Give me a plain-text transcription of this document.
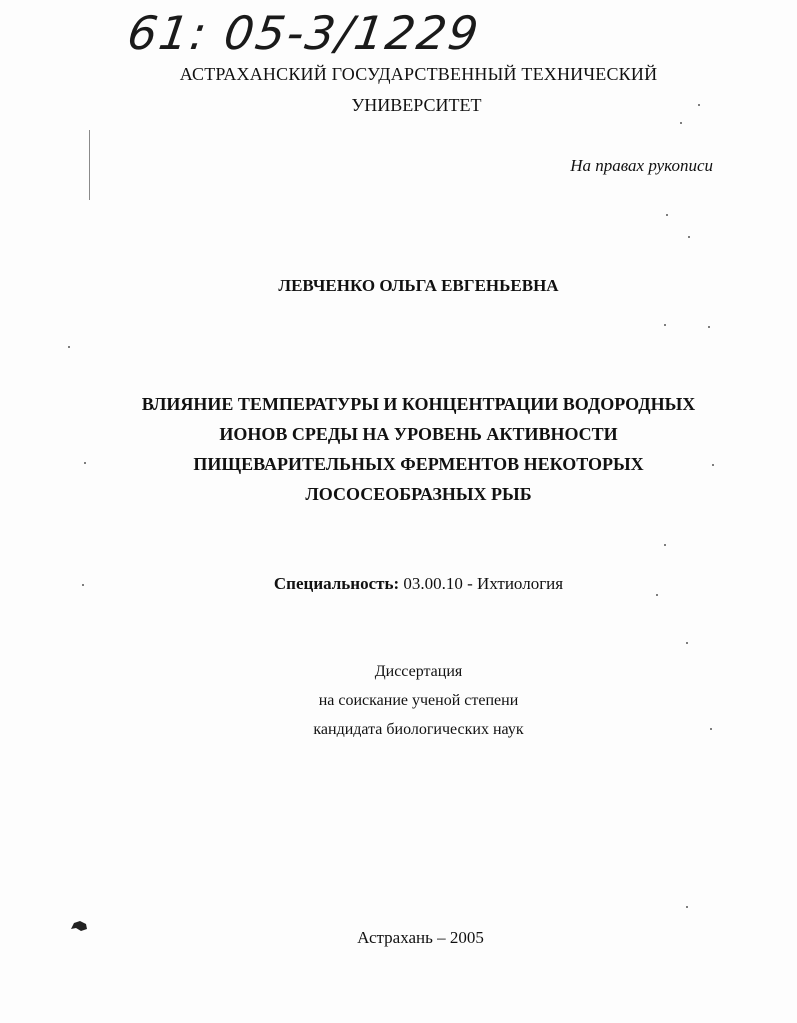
61: 05-3/1229
АСТРАХАНСКИЙ ГОСУДАРСТВЕННЫЙ ТЕХНИЧЕСКИЙ
УНИВЕРСИТЕТ
На правах рукописи
ЛЕВЧЕНКО ОЛЬГА ЕВГЕНЬЕВНА
ВЛИЯНИЕ ТЕМПЕРАТУРЫ И КОНЦЕНТРАЦИИ ВОДОРОДНЫХ
ИОНОВ СРЕДЫ НА УРОВЕНЬ АКТИВНОСТИ
ПИЩЕВАРИТЕЛЬНЫХ ФЕРМЕНТОВ НЕКОТОРЫХ
ЛОСОСЕОБРАЗНЫХ РЫБ
Специальность: 03.00.10 - Ихтиология
Диссертация
на соискание ученой степени
кандидата биологических наук
Астрахань – 2005
